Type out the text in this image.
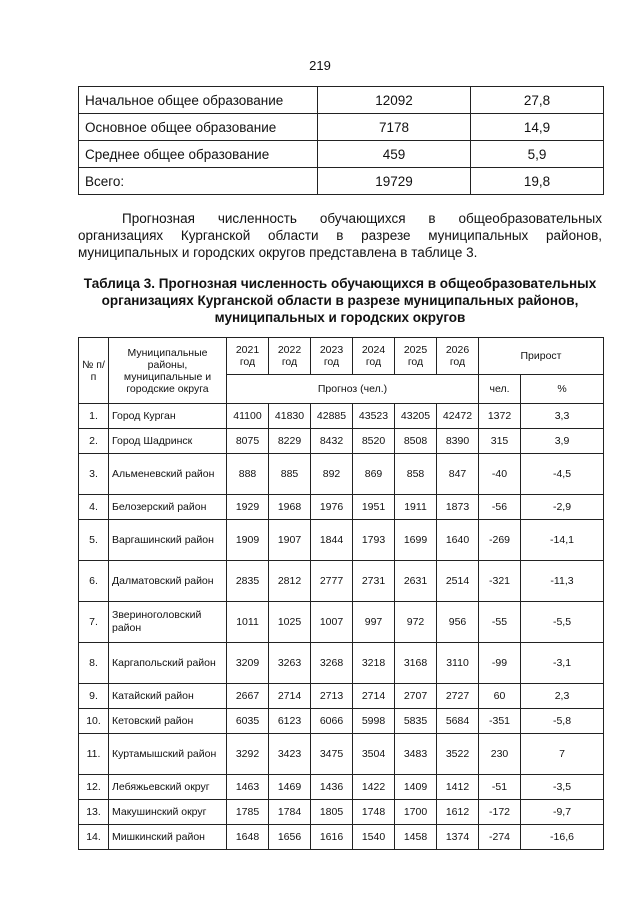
219
Начальное общее образование	12092	27,8
Основное общее образование	7178	14,9
Среднее общее образование	459	5,9
Всего:	19729	19,8

Прогнозная численность обучающихся в общеобразовательных организациях Курганской области в разрезе муниципальных районов, муниципальных и городских округов представлена в таблице 3.

Таблица 3. Прогнозная численность обучающихся в общеобразовательных организациях Курганской области в разрезе муниципальных районов, муниципальных и городских округов
№ п/п	Муниципальные районы, муниципальные и городские округа	2021 год	2022 год	2023 год	2024 год	2025 год	2026 год	Прирост	
		Прогноз (чел.)						чел.	%
1.	Город Курган	41100	41830	42885	43523	43205	42472	1372	3,3
2.	Город Шадринск	8075	8229	8432	8520	8508	8390	315	3,9
3.	Альменевский район	888	885	892	869	858	847	-40	-4,5
4.	Белозерский район	1929	1968	1976	1951	1911	1873	-56	-2,9
5.	Варгашинский район	1909	1907	1844	1793	1699	1640	-269	-14,1
6.	Далматовский район	2835	2812	2777	2731	2631	2514	-321	-11,3
7.	Звериноголовский район	1011	1025	1007	997	972	956	-55	-5,5
8.	Каргапольский район	3209	3263	3268	3218	3168	3110	-99	-3,1
9.	Катайский район	2667	2714	2713	2714	2707	2727	60	2,3
10.	Кетовский район	6035	6123	6066	5998	5835	5684	-351	-5,8
11.	Куртамышский район	3292	3423	3475	3504	3483	3522	230	7
12.	Лебяжьевский округ	1463	1469	1436	1422	1409	1412	-51	-3,5
13.	Макушинский округ	1785	1784	1805	1748	1700	1612	-172	-9,7
14.	Мишкинский район	1648	1656	1616	1540	1458	1374	-274	-16,6
